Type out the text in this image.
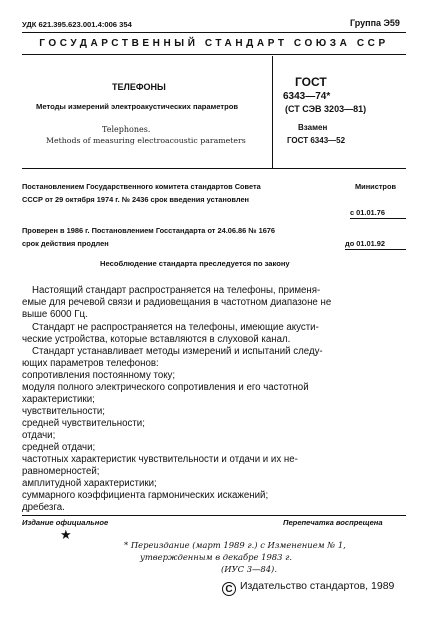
УДК 621.395.623.001.4:006 354	Группа Э59
ГОСУДАРСТВЕННЫЙ СТАНДАРТ СОЮЗА ССР
ТЕЛЕФОНЫ
Методы измерений электроакустических параметров
Telephones.
Methods of measuring electroacoustic parameters
ГОСТ
6343—74*
(СТ СЭВ 3203—81)
Взамен
ГОСТ 6343—52
Постановлением Государственного комитета стандартов Совета	Министров
СССР от 29 октября 1974 г. № 2436 срок введения установлен
с 01.01.76
Проверен в 1986 г. Постановлением Госстандарта от 24.06.86 № 1676
срок действия продлен	до 01.01.92
Несоблюдение стандарта преследуется по закону
Настоящий стандарт распространяется на телефоны, применя-
емые для речевой связи и радиовещания в частотном диапазоне не
выше 6000 Гц.
Стандарт не распространяется на телефоны, имеющие акусти-
ческие устройства, которые вставляются в слуховой канал.
Стандарт устанавливает методы измерений и испытаний следу-
ющих параметров телефонов:
сопротивления постоянному току;
модуля полного электрического сопротивления и его частотной
характеристики;
чувствительности;
средней чувствительности;
отдачи;
средней отдачи;
частотных характеристик чувствительности и отдачи и их не-
равномерностей;
амплитудной характеристики;
суммарного коэффициента гармонических искажений;
дребезга.
Издание официальное	Перепечатка воспрещена
★
* Переиздание (март 1989 г.) с Изменением № 1,
утвержденным в декабре 1983 г.
(ИУС 3—84).
С Издательство стандартов, 1989
